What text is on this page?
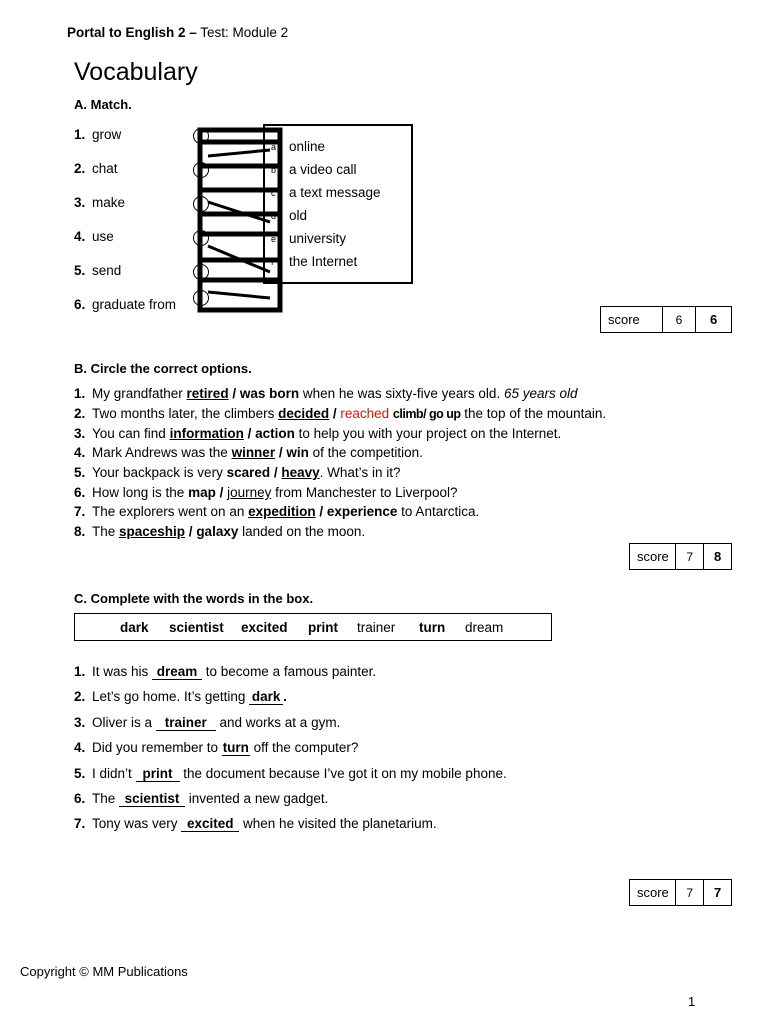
Portal to English 2 – Test: Module 2
Vocabulary
A. Match.
1. grow
2. chat
3. make
4. use
5. send
6. graduate from
a online
b a video call
c a text message
d old
e university
f the Internet
score	6	6
B. Circle the correct options.
1. My grandfather retired / was born when he was sixty-five years old. 65 years old
2. Two months later, the climbers decided / reached climb/ go up the top of the mountain.
3. You can find information / action to help you with your project on the Internet.
4. Mark Andrews was the winner / win of the competition.
5. Your backpack is very scared / heavy. What’s in it?
6. How long is the map / journey from Manchester to Liverpool?
7. The explorers went on an expedition / experience to Antarctica.
8. The spaceship / galaxy landed on the moon.
score	7	8
C. Complete with the words in the box.
dark scientist excited print trainer turn dream
1. It was his dream to become a famous painter.
2. Let’s go home. It’s getting dark .
3. Oliver is a trainer and works at a gym.
4. Did you remember to turn off the computer?
5. I didn’t print the document because I’ve got it on my mobile phone.
6. The scientist invented a new gadget.
7. Tony was very excited when he visited the planetarium.
score	7	7
Copyright © MM Publications
1
